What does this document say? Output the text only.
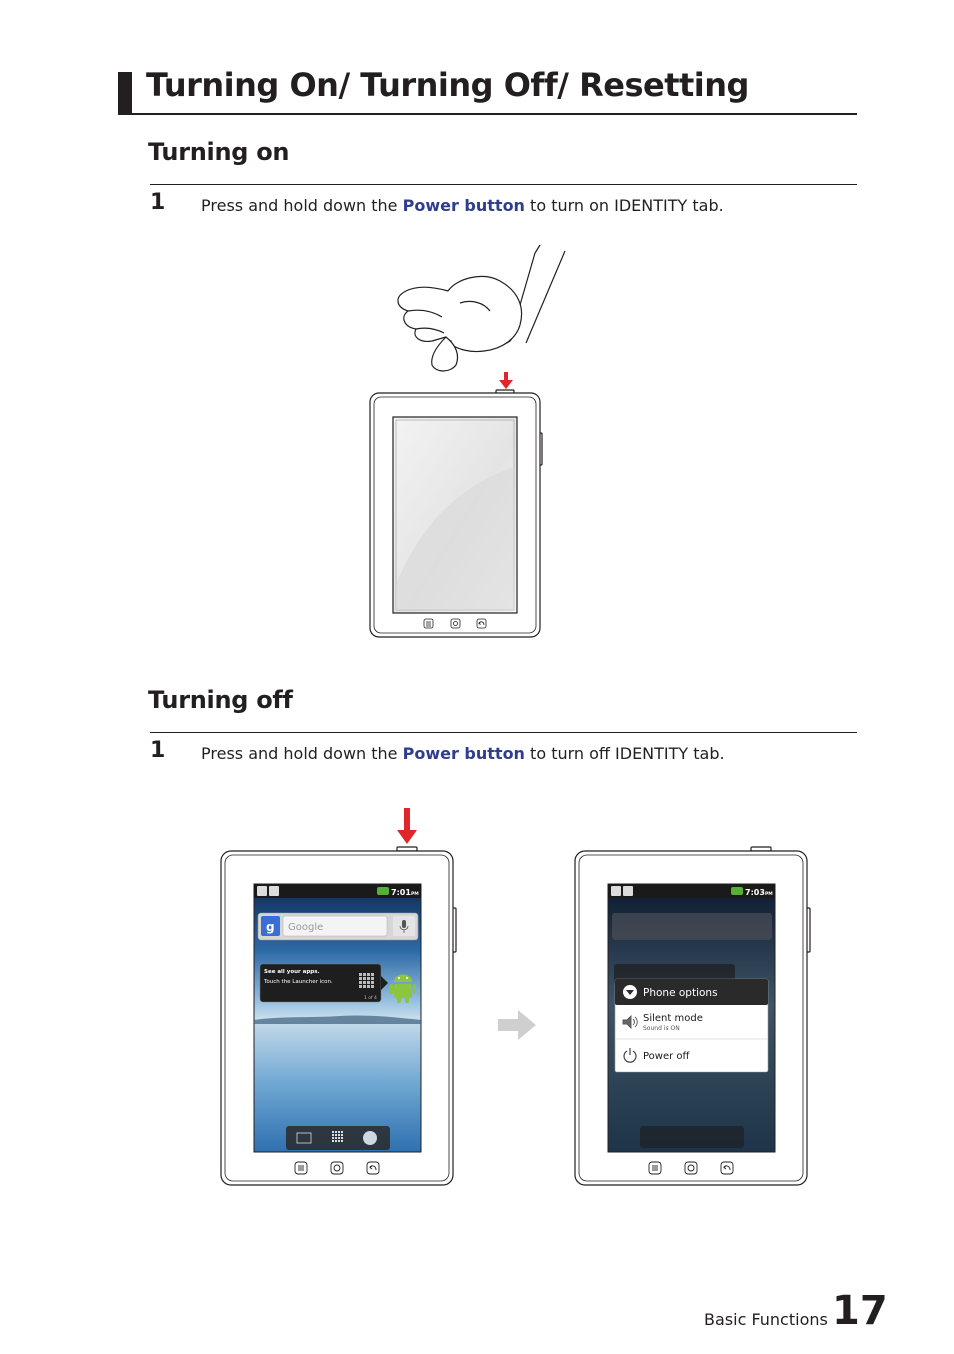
Turning On/ Turning Off/ Resetting
Turning on
1 Press and hold down the Power button to turn on IDENTITY tab.
Turning off
1 Press and hold down the Power button to turn off IDENTITY tab.
7:01 PM
g Google
See all your apps.
Touch the Launcher icon.
1 of 4
7:03 PM
Phone options
Silent mode
Sound is ON
Power off
Basic Functions 17
